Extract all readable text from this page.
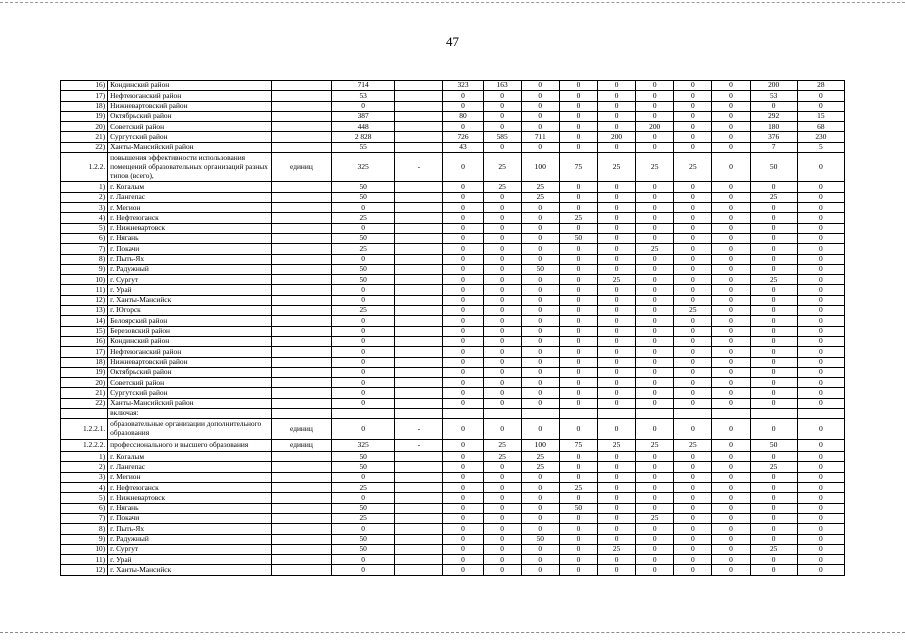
47
16)	Кондинский район		714		323	163	0	0	0	0	0	0	200	28
17)	Нефтеюганский район		53		0	0	0	0	0	0	0	0	53	0
18)	Нижневартовский район		0		0	0	0	0	0	0	0	0	0	0
19)	Октябрьский район		387		80	0	0	0	0	0	0	0	292	15
20)	Советский район		448		0	0	0	0	0	200	0	0	180	68
21)	Сургутский район		2 828		726	585	711	0	200	0	0	0	376	230
22)	Ханты-Мансийский район		55		43	0	0	0	0	0	0	0	7	5
1.2.2.	повышения эффективности использования помещений образовательных организаций разных типов (всего),	единиц	325	-	0	25	100	75	25	25	25	0	50	0
1)	г. Когалым		50		0	25	25	0	0	0	0	0	0	0
2)	г. Лангепас		50		0	0	25	0	0	0	0	0	25	0
3)	г. Мегион		0		0	0	0	0	0	0	0	0	0	0
4)	г. Нефтеюганск		25		0	0	0	25	0	0	0	0	0	0
5)	г. Нижневартовск		0		0	0	0	0	0	0	0	0	0	0
6)	г. Нягань		50		0	0	0	50	0	0	0	0	0	0
7)	г. Покачи		25		0	0	0	0	0	25	0	0	0	0
8)	г. Пыть-Ях		0		0	0	0	0	0	0	0	0	0	0
9)	г. Радужный		50		0	0	50	0	0	0	0	0	0	0
10)	г. Сургут		50		0	0	0	0	25	0	0	0	25	0
11)	г. Урай		0		0	0	0	0	0	0	0	0	0	0
12)	г. Ханты-Мансийск		0		0	0	0	0	0	0	0	0	0	0
13)	г. Югорск		25		0	0	0	0	0	0	25	0	0	0
14)	Белоярский район		0		0	0	0	0	0	0	0	0	0	0
15)	Березовский район		0		0	0	0	0	0	0	0	0	0	0
16)	Кондинский район		0		0	0	0	0	0	0	0	0	0	0
17)	Нефтеюганский район		0		0	0	0	0	0	0	0	0	0	0
18)	Нижневартовский район		0		0	0	0	0	0	0	0	0	0	0
19)	Октябрьский район		0		0	0	0	0	0	0	0	0	0	0
20)	Советский район		0		0	0	0	0	0	0	0	0	0	0
21)	Сургутский район		0		0	0	0	0	0	0	0	0	0	0
22)	Ханты-Мансийский район		0		0	0	0	0	0	0	0	0	0	0
	включая:													
1.2.2.1.	образовательные организации дополнительного образования	единиц	0	-	0	0	0	0	0	0	0	0	0	0
1.2.2.2.	профессионального и высшего образования	единиц	325	-	0	25	100	75	25	25	25	0	50	0
1)	г. Когалым		50		0	25	25	0	0	0	0	0	0	0
2)	г. Лангепас		50		0	0	25	0	0	0	0	0	25	0
3)	г. Мегион		0		0	0	0	0	0	0	0	0	0	0
4)	г. Нефтеюганск		25		0	0	0	25	0	0	0	0	0	0
5)	г. Нижневартовск		0		0	0	0	0	0	0	0	0	0	0
6)	г. Нягань		50		0	0	0	50	0	0	0	0	0	0
7)	г. Покачи		25		0	0	0	0	0	25	0	0	0	0
8)	г. Пыть-Ях		0		0	0	0	0	0	0	0	0	0	0
9)	г. Радужный		50		0	0	50	0	0	0	0	0	0	0
10)	г. Сургут		50		0	0	0	0	25	0	0	0	25	0
11)	г. Урай		0		0	0	0	0	0	0	0	0	0	0
12)	г. Ханты-Мансийск		0		0	0	0	0	0	0	0	0	0	0
